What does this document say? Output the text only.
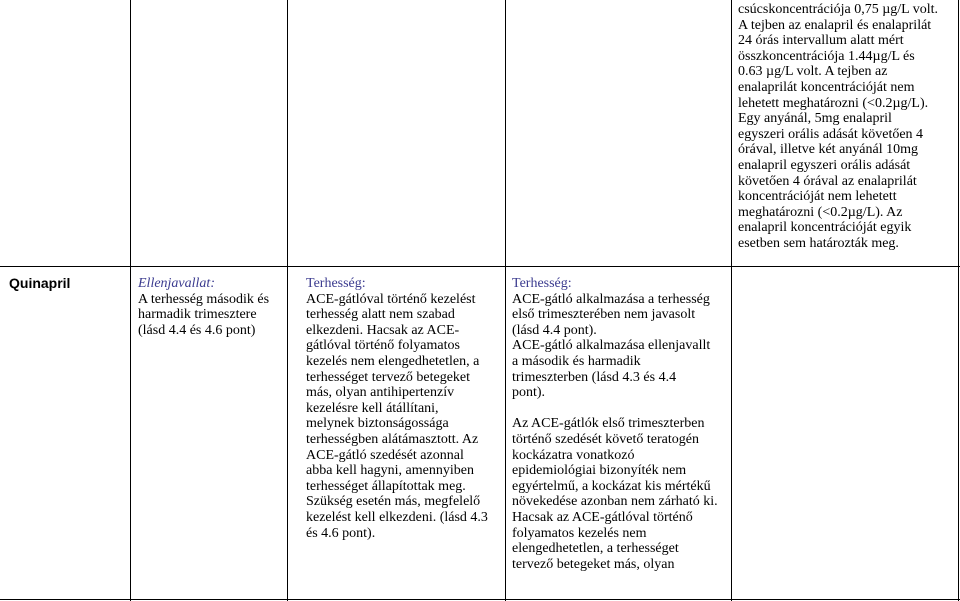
Quinapril	Ellenjavallat:

A terhesség második és

harmadik trimesztere

(lásd 4.4 és 4.6 pont)

Terhesség:

ACE-gátlóval történő kezelést

terhesség alatt nem szabad

elkezdeni. Hacsak az ACE-

gátlóval történő folyamatos

kezelés nem elengedhetetlen, a

terhességet tervező betegeket

más, olyan antihipertenzív

kezelésre kell átállítani,

melynek biztonságossága

terhességben alátámasztott. Az

ACE-gátló szedését azonnal

abba kell hagyni, amennyiben

terhességet állapítottak meg.

Szükség esetén más, megfelelő

kezelést kell elkezdeni. (lásd 4.3

és 4.6 pont).

Terhesség:

ACE-gátló alkalmazása a terhesség

első trimeszterében nem javasolt

(lásd 4.4 pont).

ACE-gátló alkalmazása ellenjavallt

a második és harmadik

trimeszterben (lásd 4.3 és 4.4

pont).

Az ACE-gátlók első trimeszterben

történő szedését követő teratogén

kockázatra vonatkozó

epidemiológiai bizonyíték nem

egyértelmű, a kockázat kis mértékű

növekedése azonban nem zárható ki.

Hacsak az ACE-gátlóval történő

folyamatos kezelés nem

elengedhetetlen, a terhességet

tervező betegeket más, olyan

csúcskoncentrációja 0,75 µg/L volt.

A tejben az enalapril és enalaprilát

24 órás intervallum alatt mért

összkoncentrációja 1.44µg/L és

0.63 µg/L volt. A tejben az

enalaprilát koncentrációját nem

lehetett meghatározni (<0.2µg/L).

Egy anyánál, 5mg enalapril

egyszeri orális adását követően 4

órával, illetve két anyánál 10mg

enalapril egyszeri orális adását

követően 4 órával az enalaprilát

koncentrációját nem lehetett

meghatározni (<0.2µg/L). Az

enalapril koncentrációját egyik

esetben sem határozták meg.
